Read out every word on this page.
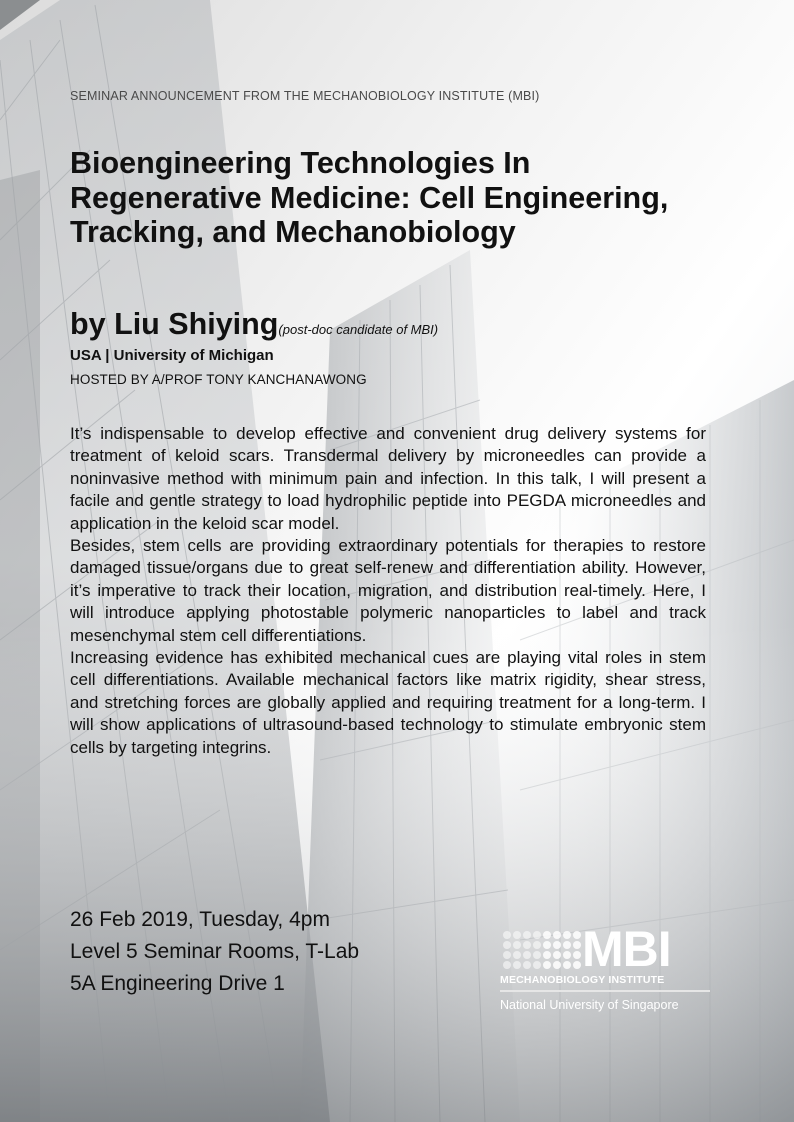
SEMINAR ANNOUNCEMENT FROM THE MECHANOBIOLOGY INSTITUTE (MBI)
Bioengineering Technologies In Regenerative Medicine: Cell Engineering, Tracking, and Mechanobiology
by Liu Shiying(post-doc candidate of MBI)
USA | University of Michigan
HOSTED BY A/PROF TONY KANCHANAWONG

It’s indispensable to develop effective and convenient drug delivery systems for treatment of keloid scars. Transdermal delivery by microneedles can provide a noninvasive method with minimum pain and infection. In this talk, I will present a facile and gentle strategy to load hydrophilic peptide into PEGDA microneedles and application in the keloid scar model.

Besides, stem cells are providing extraordinary potentials for therapies to restore damaged tissue/organs due to great self-renew and differentiation ability. However, it’s imperative to track their location, migration, and distribution real-timely. Here, I will introduce applying photostable polymeric nanoparticles to label and track mesenchymal stem cell differentiations.

Increasing evidence has exhibited mechanical cues are playing vital roles in stem cell differentiations. Available mechanical factors like matrix rigidity, shear stress, and stretching forces are globally applied and requiring treatment for a long-term. I will show applications of ultrasound-based technology to stimulate embryonic stem cells by targeting integrins.

26 Feb 2019, Tuesday, 4pm
Level 5 Seminar Rooms, T-Lab
5A Engineering Drive 1
MBI
MECHANOBIOLOGY INSTITUTE
National University of Singapore
